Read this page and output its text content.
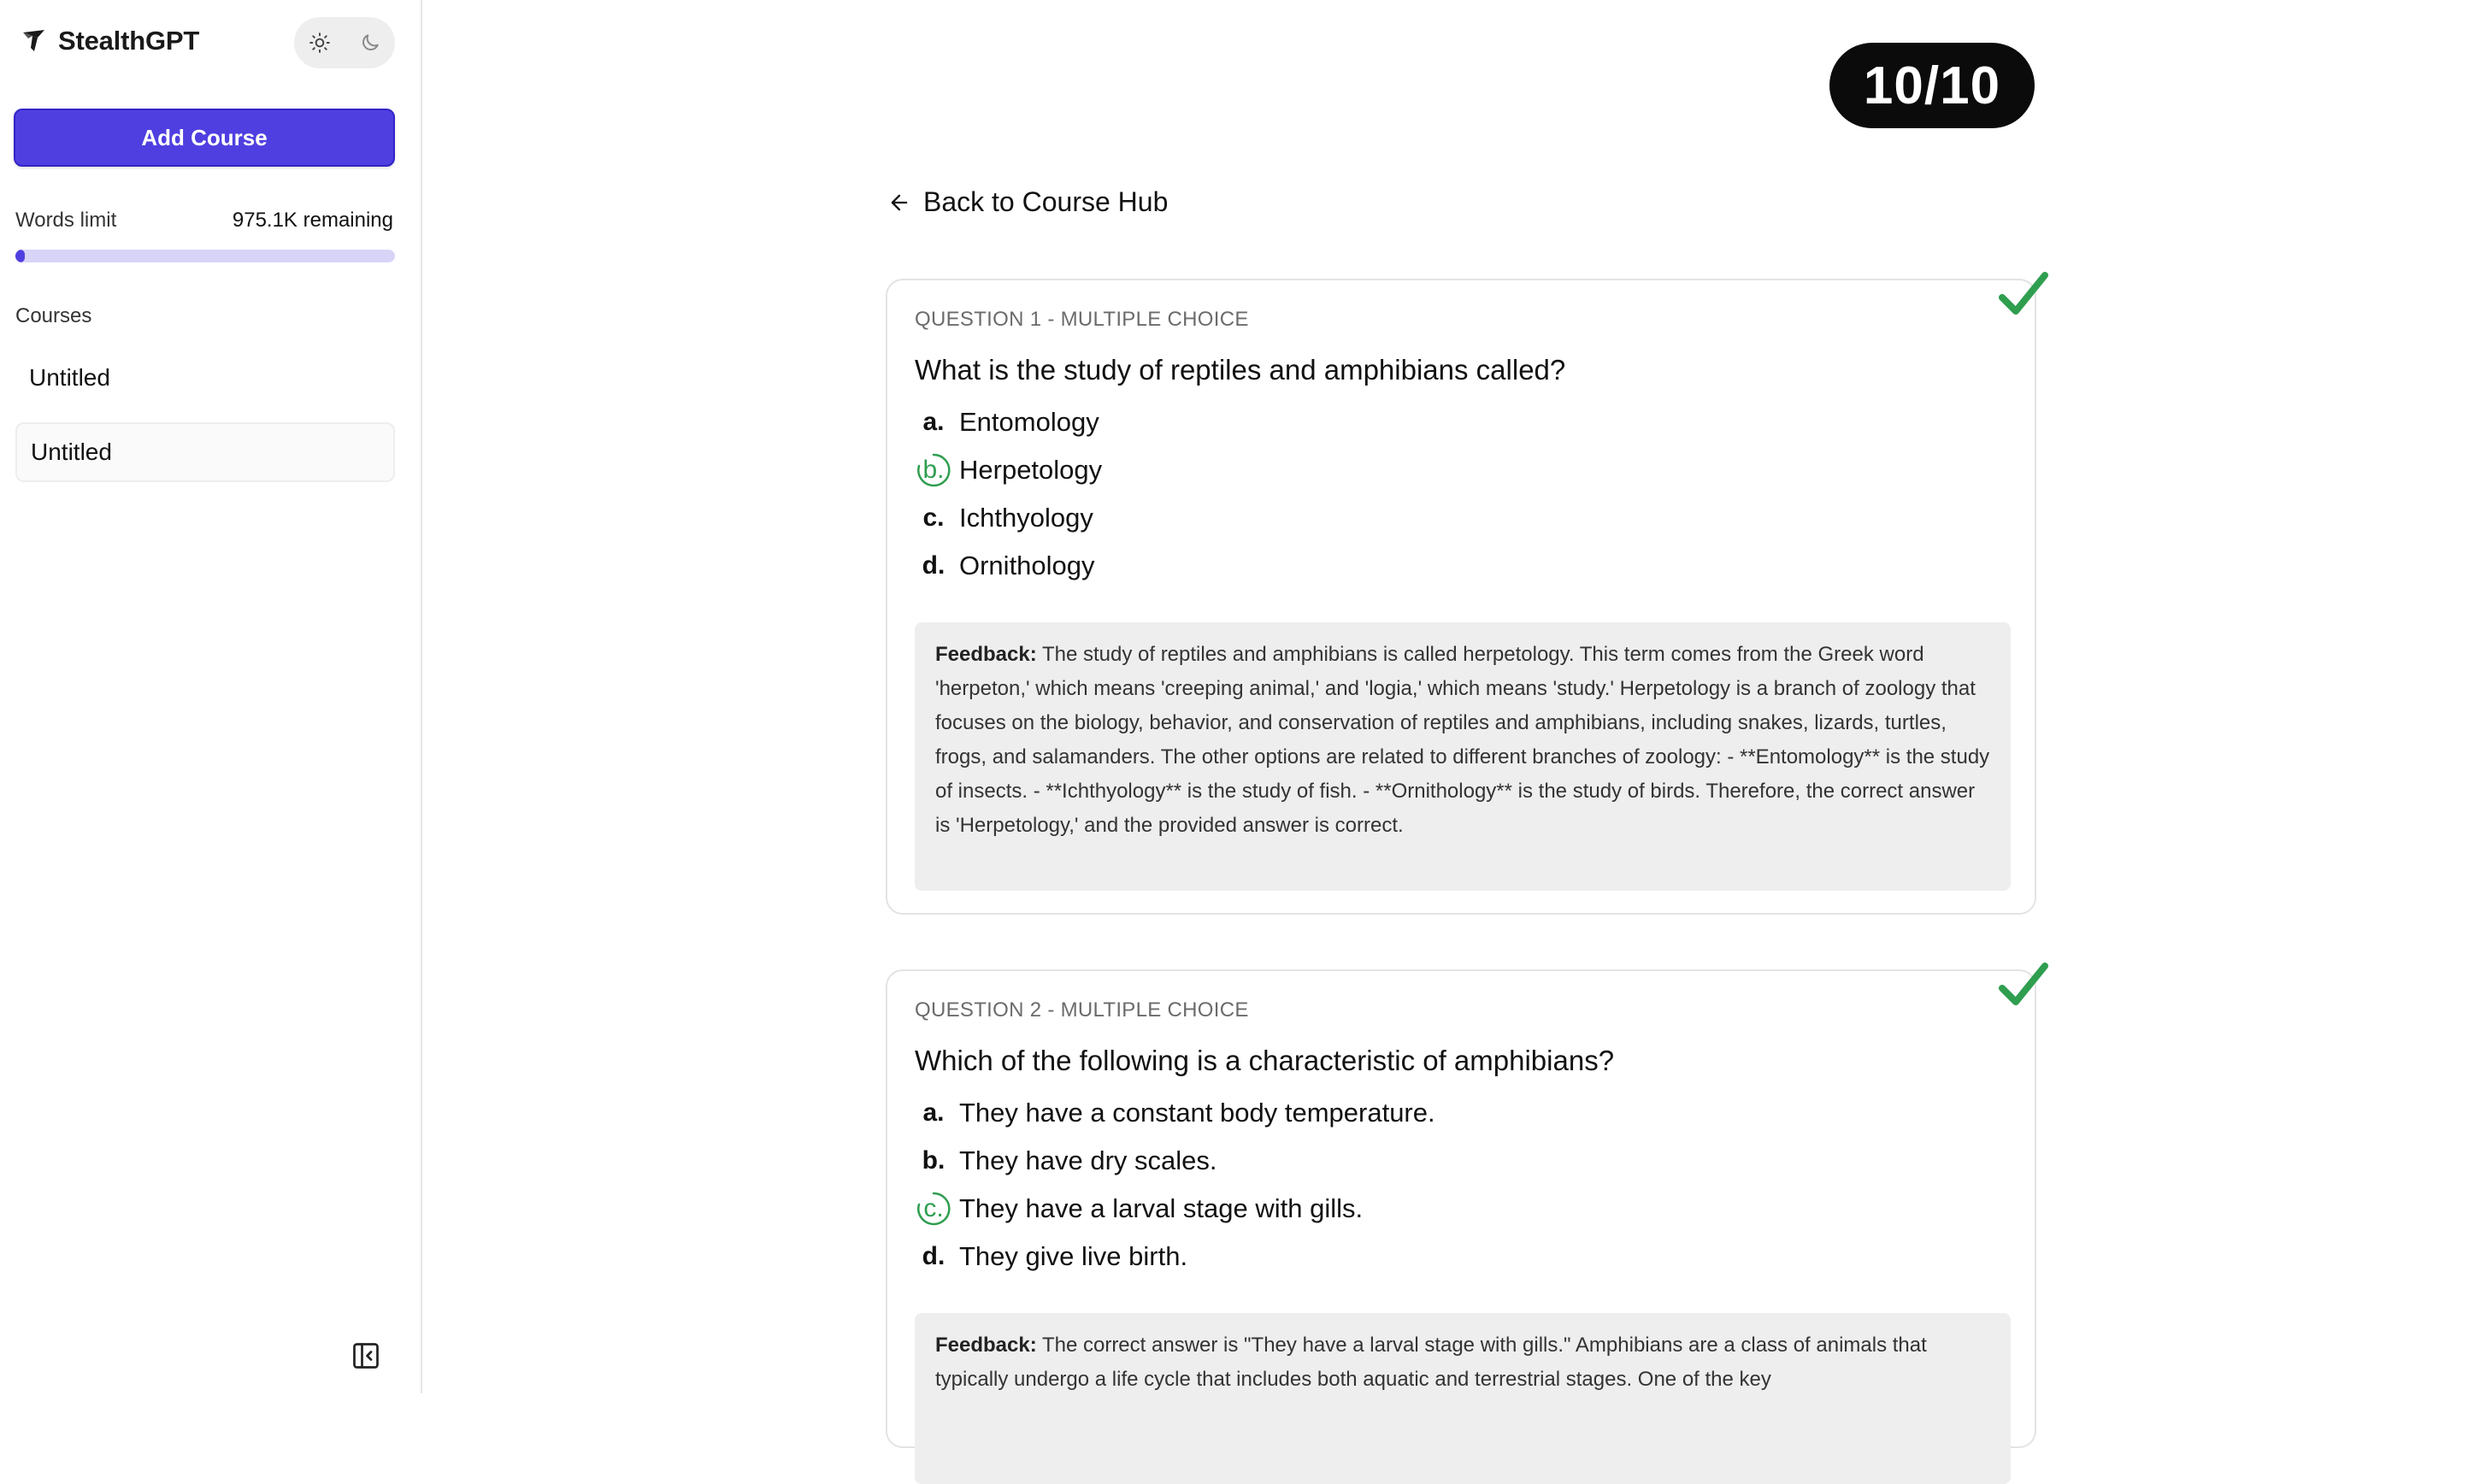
StealthGPT
Add Course
Words limit	975.1K remaining
Courses
Untitled
Untitled
10/10
Back to Course Hub
QUESTION 1 - MULTIPLE CHOICE
What is the study of reptiles and amphibians called?
a. Entomology
b. Herpetology
c. Ichthyology
d. Ornithology
Feedback: The study of reptiles and amphibians is called herpetology. This term comes from the Greek word 'herpeton,' which means 'creeping animal,' and 'logia,' which means 'study.' Herpetology is a branch of zoology that focuses on the biology, behavior, and conservation of reptiles and amphibians, including snakes, lizards, turtles, frogs, and salamanders. The other options are related to different branches of zoology: - **Entomology** is the study of insects. - **Ichthyology** is the study of fish. - **Ornithology** is the study of birds. Therefore, the correct answer is 'Herpetology,' and the provided answer is correct.
QUESTION 2 - MULTIPLE CHOICE
Which of the following is a characteristic of amphibians?
a. They have a constant body temperature.
b. They have dry scales.
c. They have a larval stage with gills.
d. They give live birth.
Feedback: The correct answer is "They have a larval stage with gills." Amphibians are a class of animals that typically undergo a life cycle that includes both aquatic and terrestrial stages. One of the key
